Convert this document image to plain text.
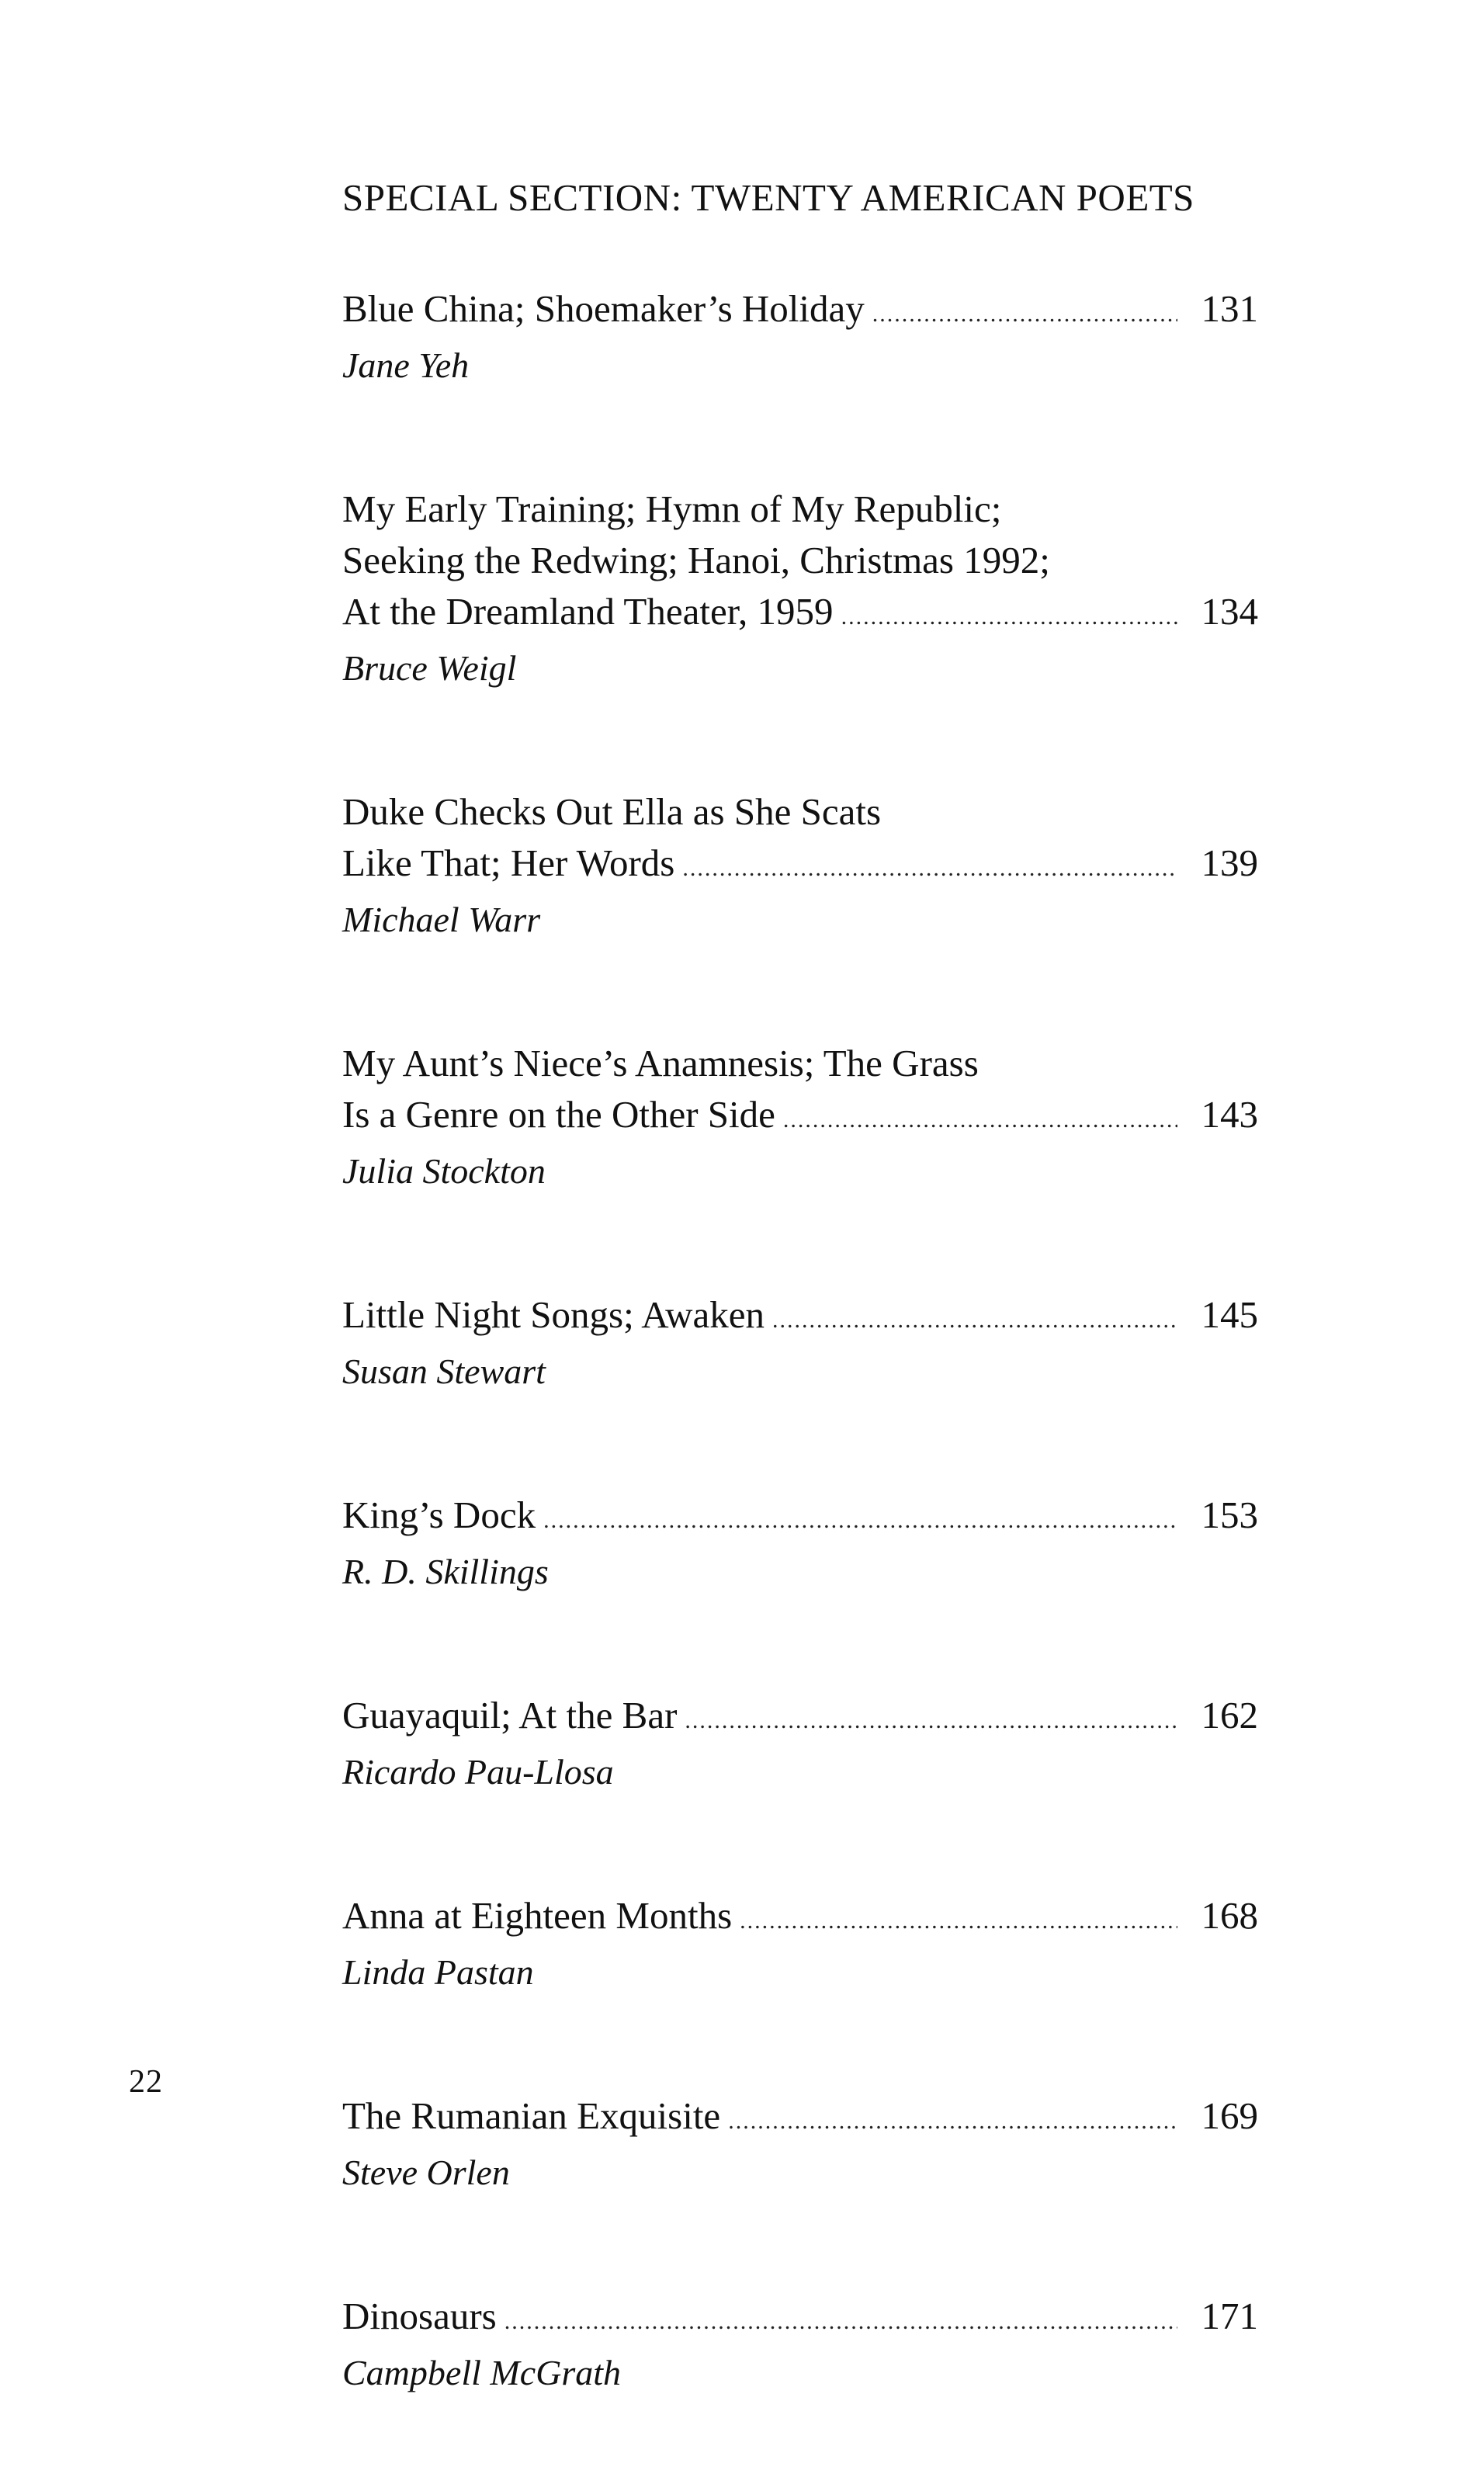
SPECIAL SECTION: TWENTY AMERICAN POETS
Blue China; Shoemaker’s Holiday .....	131
Jane Yeh
My Early Training; Hymn of My Republic;
Seeking the Redwing; Hanoi, Christmas 1992;
At the Dreamland Theater, 1959 .....	134
Bruce Weigl
Duke Checks Out Ella as She Scats
Like That; Her Words .....	139
Michael Warr
My Aunt’s Niece’s Anamnesis; The Grass
Is a Genre on the Other Side .....	143
Julia Stockton
Little Night Songs; Awaken .....	145
Susan Stewart
King’s Dock .....	153
R. D. Skillings
Guayaquil; At the Bar .....	162
Ricardo Pau-Llosa
Anna at Eighteen Months .....	168
Linda Pastan
The Rumanian Exquisite .....	169
Steve Orlen
Dinosaurs .....	171
Campbell McGrath
22
